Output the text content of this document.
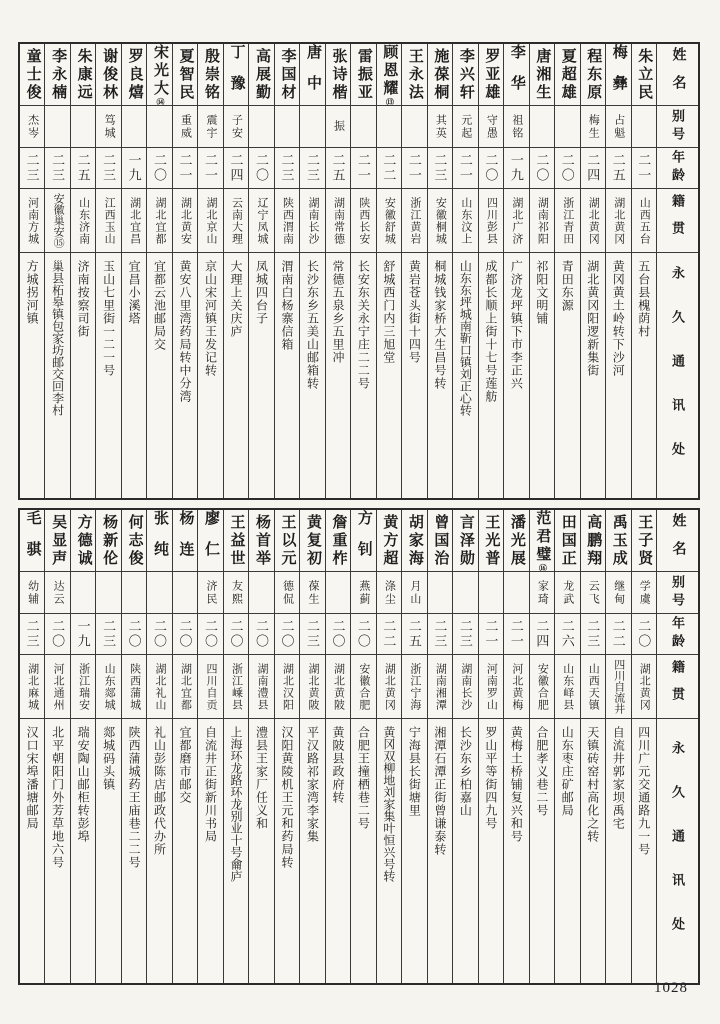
姓名
别号
年龄
籍贯
永久通讯处
朱立民
二一
山西五台
五台县槐荫村
梅彝
占魁
二五
湖北黄冈
黄冈黄土岭转下沙河
程东原
梅生
二四
湖北黄冈
湖北黄冈阳逻新集街
夏超雄
二〇
浙江青田
青田东源
唐湘生
二〇
湖南祁阳
祁阳文明铺
李华
祖铭
一九
湖北广济
广济龙坪镇下市李正兴
罗亚雄
守愚
二〇
四川彭县
成都长顺上街十七号莲舫
李兴轩
元起
二一
山东汶上
山东东坪城南靳口镇刘正心转
施葆桐
其英
二三
安徽桐城
桐城钱家桥大生昌号转
王永法
二一
浙江黄岩
黄岩苍头街十四号
顾恩耀⑬
二二
安徽舒城
舒城西门内三旭堂
雷振亚
二一
陕西长安
长安东关永宁庄二二号
张诗楷
振
二五
湖南常德
常德五泉乡五里冲
唐中
二三
湖南长沙
长沙东乡五美山邮箱转
李国材
二三
陕西渭南
渭南白杨寨信箱
高展勤
二〇
辽宁凤城
凤城四台子
丁豫
子安
二四
云南大理
大理上关庆庐
殷崇铭
震宇
二一
湖北京山
京山宋河镇王发记转
夏智民
重威
二一
湖北黄安
黄安八里湾药局转中分湾
宋光大⑭
二〇
湖北宜都
宜都云池邮局交
罗良熺
一九
湖北宜昌
宜昌小溪塔
谢俊林
笃城
二三
江西玉山
玉山七里街一二一号
朱康远
二五
山东济南
济南按察司街
李永楠
二三
安徽巢安⑮
巢县柘皋镇包家坊邮交回李村
童士俊
杰岑
二三
河南方城
方城拐河镇
姓名
别号
年龄
籍贯
永久通讯处
王子贤
学虞
二〇
湖北黄冈
四川广元交通路九一号
禹玉成
继甸
二二
四川自流井
自流井郭家坝禹宅
高鹏翔
云飞
二三
山西天镇
天镇砖窑村高化之转
田国正
龙武
二六
山东峄县
山东枣庄矿邮局
范君璧⑯
家琦
二四
安徽合肥
合肥孝义巷二号
潘光展
二一
河北黄梅
黄梅土桥铺复兴和号
王光普
二一
河南罗山
罗山平等街四九号
言泽勋
二三
湖南长沙
长沙东乡柏嘉山
曾国治
二三
湖南湘潭
湘潭石潭正街曾谦泰转
胡家海
月山
二五
浙江宁海
宁海县长街塘里
黄方超
涤尘
二二
湖北黄冈
黄冈双柳地刘家集叶恒兴号转
方钊
燕蓟
二〇
安徽合肥
合肥王撞栖巷二号
詹重柞
二〇
湖北黄陂
黄陂县政府转
黄复初
葆生
二三
湖北黄陂
平汉路祁家湾李家集
王以元
德侃
二〇
湖北汉阳
汉阳黄陵机王元和药局转
杨首举
二〇
湖南澧县
澧县王家厂任义和
王益世
友熙
二〇
浙江嵊县
上海环龙路环龙别业十号龠庐
廖仁
济民
二〇
四川自贡
自流井正街新川书局
杨连
二〇
湖北宜都
宜都磨市邮交
张纯
二〇
湖北礼山
礼山彭陈店邮政代办所
何志俊
二〇
陕西蒲城
陕西蒲城药王庙巷二二号
杨新伦
二三
山东郯城
郯城码头镇
方德诚
一九
浙江瑞安
瑞安陶山邮柜转彭埠
吴显声
达云
二〇
河北通州
北平朝阳门外芳草地六号
毛骐
幼辅
二三
湖北麻城
汉口宋埠潘塘邮局
1028
